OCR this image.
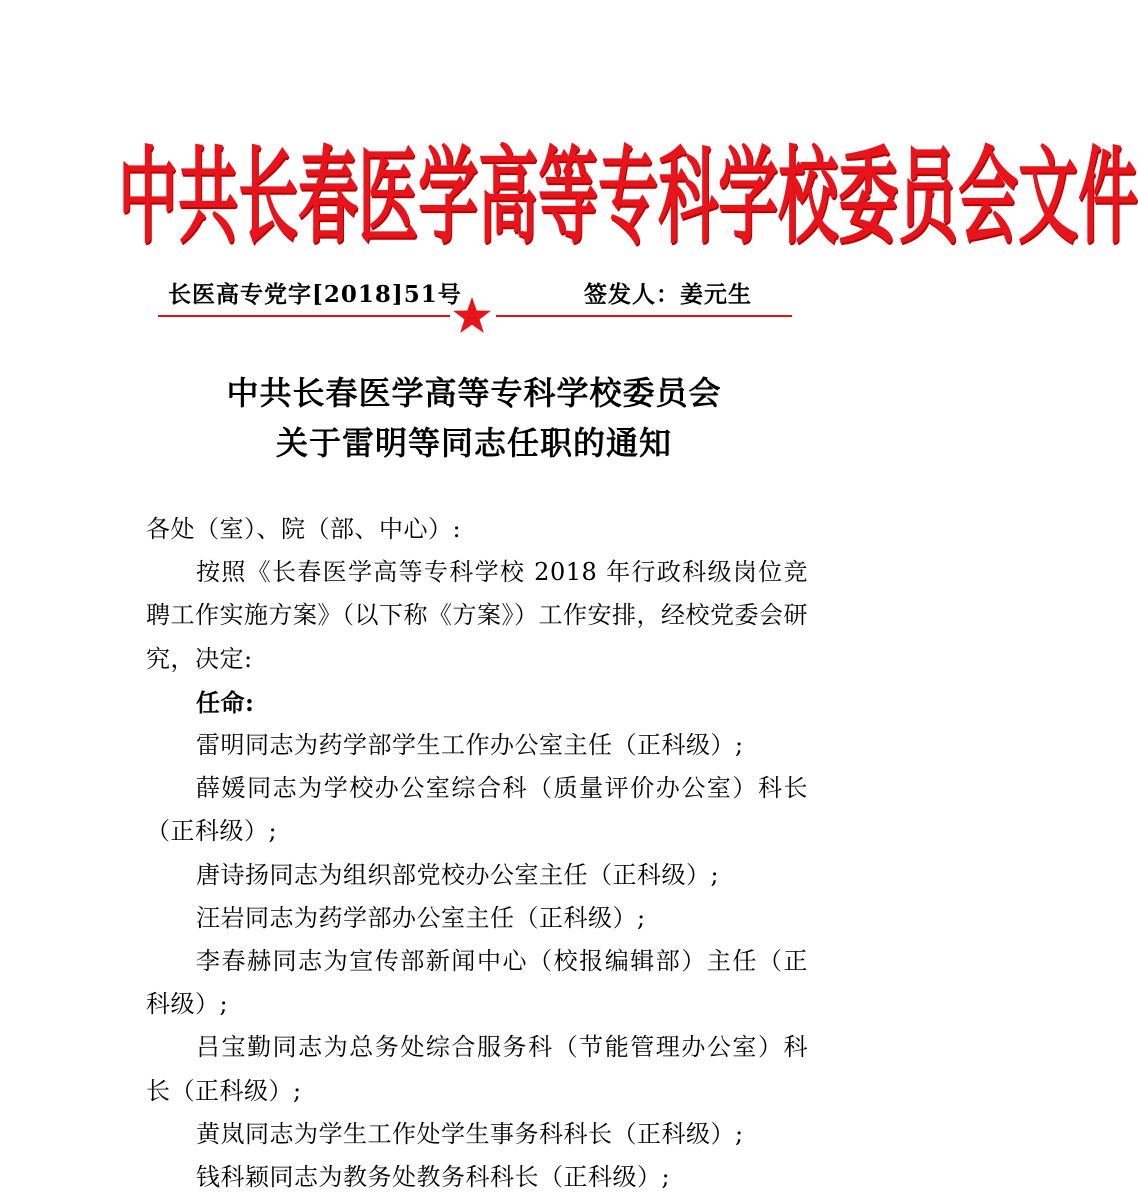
中 共 长 春 医 学 高 等 专 科 学 校 委 员 会 文 件
长医高专党字[2018]51号	签发人：姜元生
中共长春医学高等专科学校委员会
关于雷明等同志任职的通知

各处（室）、院（部、中心）:

按照《长春医学高等专科学校 2018 年行政科级岗位竞聘工作实施方案》（以下称《方案》）工作安排，经校党委会研究，决定:

任命:

雷明同志为药学部学生工作办公室主任（正科级）;

薛媛同志为学校办公室综合科（质量评价办公室）科长（正科级）;

唐诗扬同志为组织部党校办公室主任（正科级）;

汪岩同志为药学部办公室主任（正科级）;

李春赫同志为宣传部新闻中心（校报编辑部）主任（正科级）;

吕宝勤同志为总务处综合服务科（节能管理办公室）科长（正科级）;

黄岚同志为学生工作处学生事务科科长（正科级）;

钱科颖同志为教务处教务科科长（正科级）;
